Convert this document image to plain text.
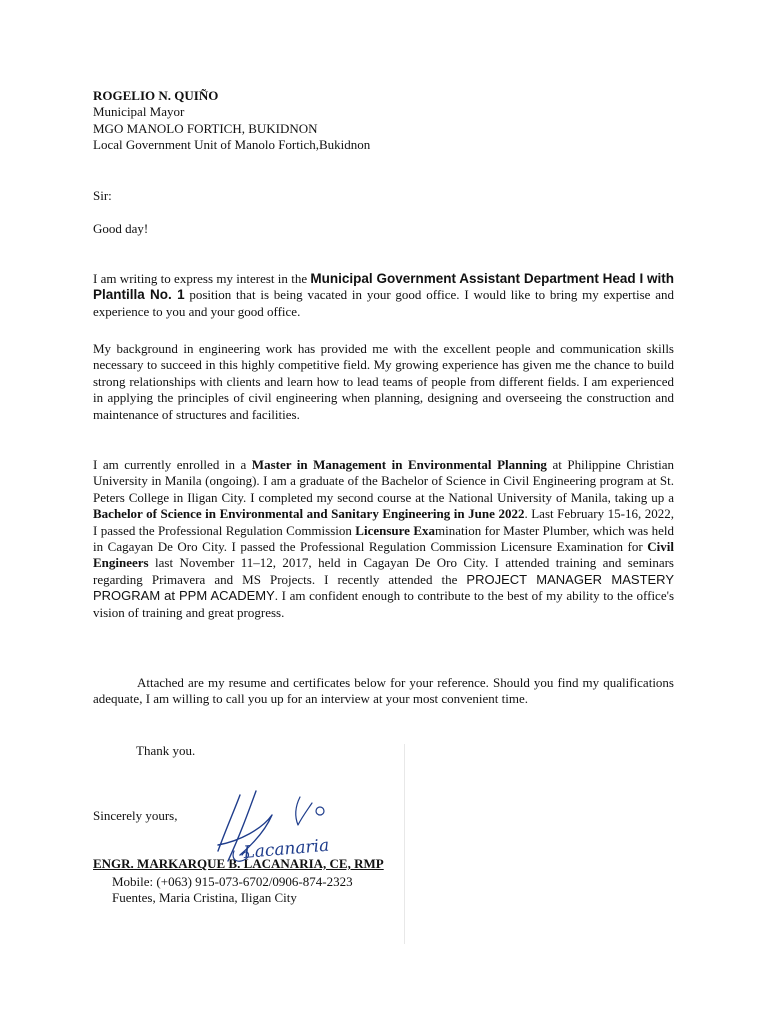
ROGELIO N. QUIÑO
Municipal Mayor
MGO MANOLO FORTICH, BUKIDNON
Local Government Unit of Manolo Fortich,Bukidnon
Sir:
Good day!
I am writing to express my interest in the Municipal Government Assistant Department Head I with Plantilla No. 1 position that is being vacated in your good office. I would like to bring my expertise and experience to you and your good office.
My background in engineering work has provided me with the excellent people and communication skills necessary to succeed in this highly competitive field. My growing experience has given me the chance to build strong relationships with clients and learn how to lead teams of people from different fields. I am experienced in applying the principles of civil engineering when planning, designing and overseeing the construction and maintenance of structures and facilities.
I am currently enrolled in a Master in Management in Environmental Planning at Philippine Christian University in Manila (ongoing). I am a graduate of the Bachelor of Science in Civil Engineering program at St. Peters College in Iligan City. I completed my second course at the National University of Manila, taking up a Bachelor of Science in Environmental and Sanitary Engineering in June 2022. Last February 15-16, 2022, I passed the Professional Regulation Commission Licensure Examination for Master Plumber, which was held in Cagayan De Oro City. I passed the Professional Regulation Commission Licensure Examination for Civil Engineers last November 11–12, 2017, held in Cagayan De Oro City. I attended training and seminars regarding Primavera and MS Projects. I recently attended the PROJECT MANAGER MASTERY PROGRAM at PPM ACADEMY. I am confident enough to contribute to the best of my ability to the office's vision of training and great progress.
Attached are my resume and certificates below for your reference. Should you find my qualifications adequate, I am willing to call you up for an interview at your most convenient time.
Thank you.
Sincerely yours,
Lacanaria
ENGR. MARKARQUE B. LACANARIA, CE, RMP
Mobile: (+063) 915-073-6702/0906-874-2323
Fuentes, Maria Cristina, Iligan City
